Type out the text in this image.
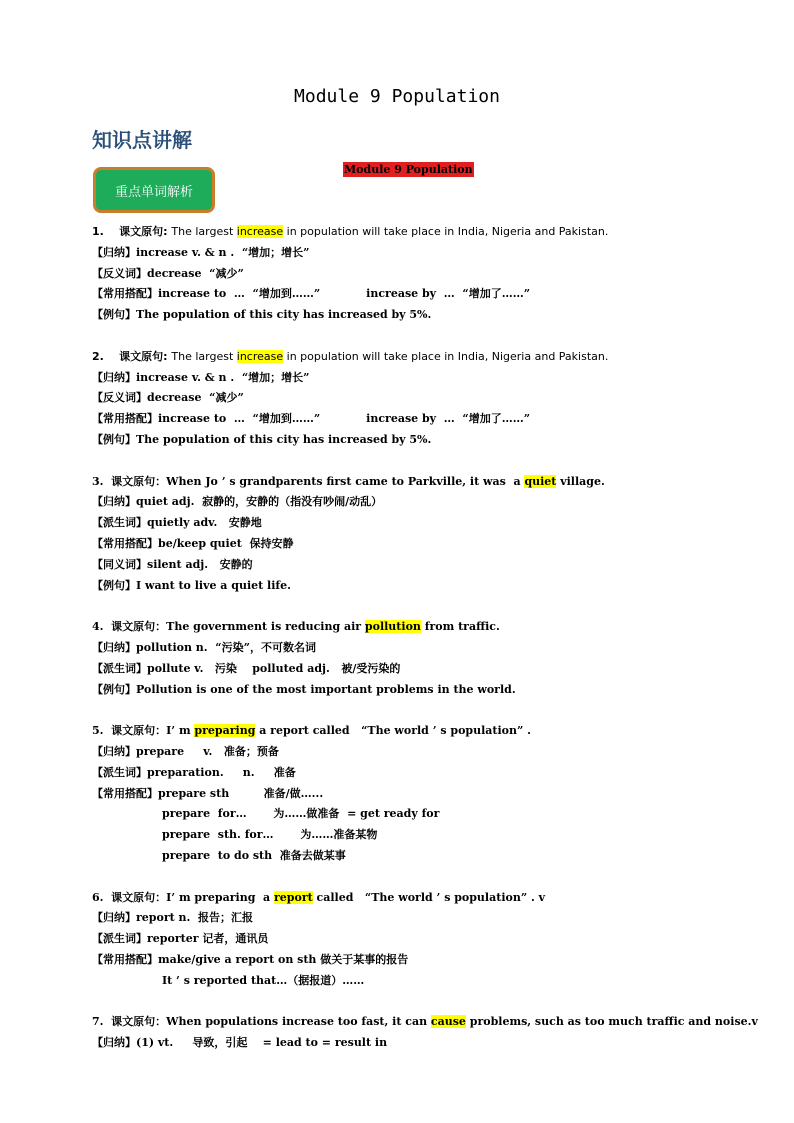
Module 9 Population
知识点讲解
Module 9 Population
重点单词解析
1.    课文原句: The largest increase in population will take place in India, Nigeria and Pakistan.
【归纳】increase v. & n .  “增加；增长”
【反义词】decrease  “减少”
【常用搭配】increase to  …  “增加到……”            increase by  …  “增加了……”
【例句】The population of this city has increased by 5%.
2.    课文原句: The largest increase in population will take place in India, Nigeria and Pakistan.
【归纳】increase v. & n .  “增加；增长”
【反义词】decrease  “减少”
【常用搭配】increase to  …  “增加到……”            increase by  …  “增加了……”
【例句】The population of this city has increased by 5%.
3.  课文原句：When Jo ’ s grandparents first came to Parkville, it was  a quiet village.
【归纳】quiet adj.  寂静的，安静的（指没有吵闹/动乱）
【派生词】quietly adv.   安静地
【常用搭配】be/keep quiet  保持安静
【同义词】silent adj.   安静的
【例句】I want to live a quiet life.
4.  课文原句：The government is reducing air pollution from traffic.
【归纳】pollution n.  “污染”，不可数名词
【派生词】pollute v.   污染    polluted adj.   被/受污染的
【例句】Pollution is one of the most important problems in the world.
5.  课文原句：I’ m preparing a report called   “The world ’ s population” .
【归纳】prepare     v.   准备；预备
【派生词】preparation.     n.     准备
【常用搭配】prepare sth         准备/做…...
prepare  for…       为……做准备  = get ready for
prepare  sth. for…       为……准备某物
prepare  to do sth  准备去做某事
6.  课文原句：I’ m preparing  a report called   “The world ’ s population” . v
【归纳】report n.  报告；汇报
【派生词】reporter 记者，通讯员
【常用搭配】make/give a report on sth 做关于某事的报告
It ’ s reported that…（据报道）……
7.  课文原句：When populations increase too fast, it can cause problems, such as too much traffic and noise.v
【归纳】(1) vt.     导致，引起    = lead to = result in
